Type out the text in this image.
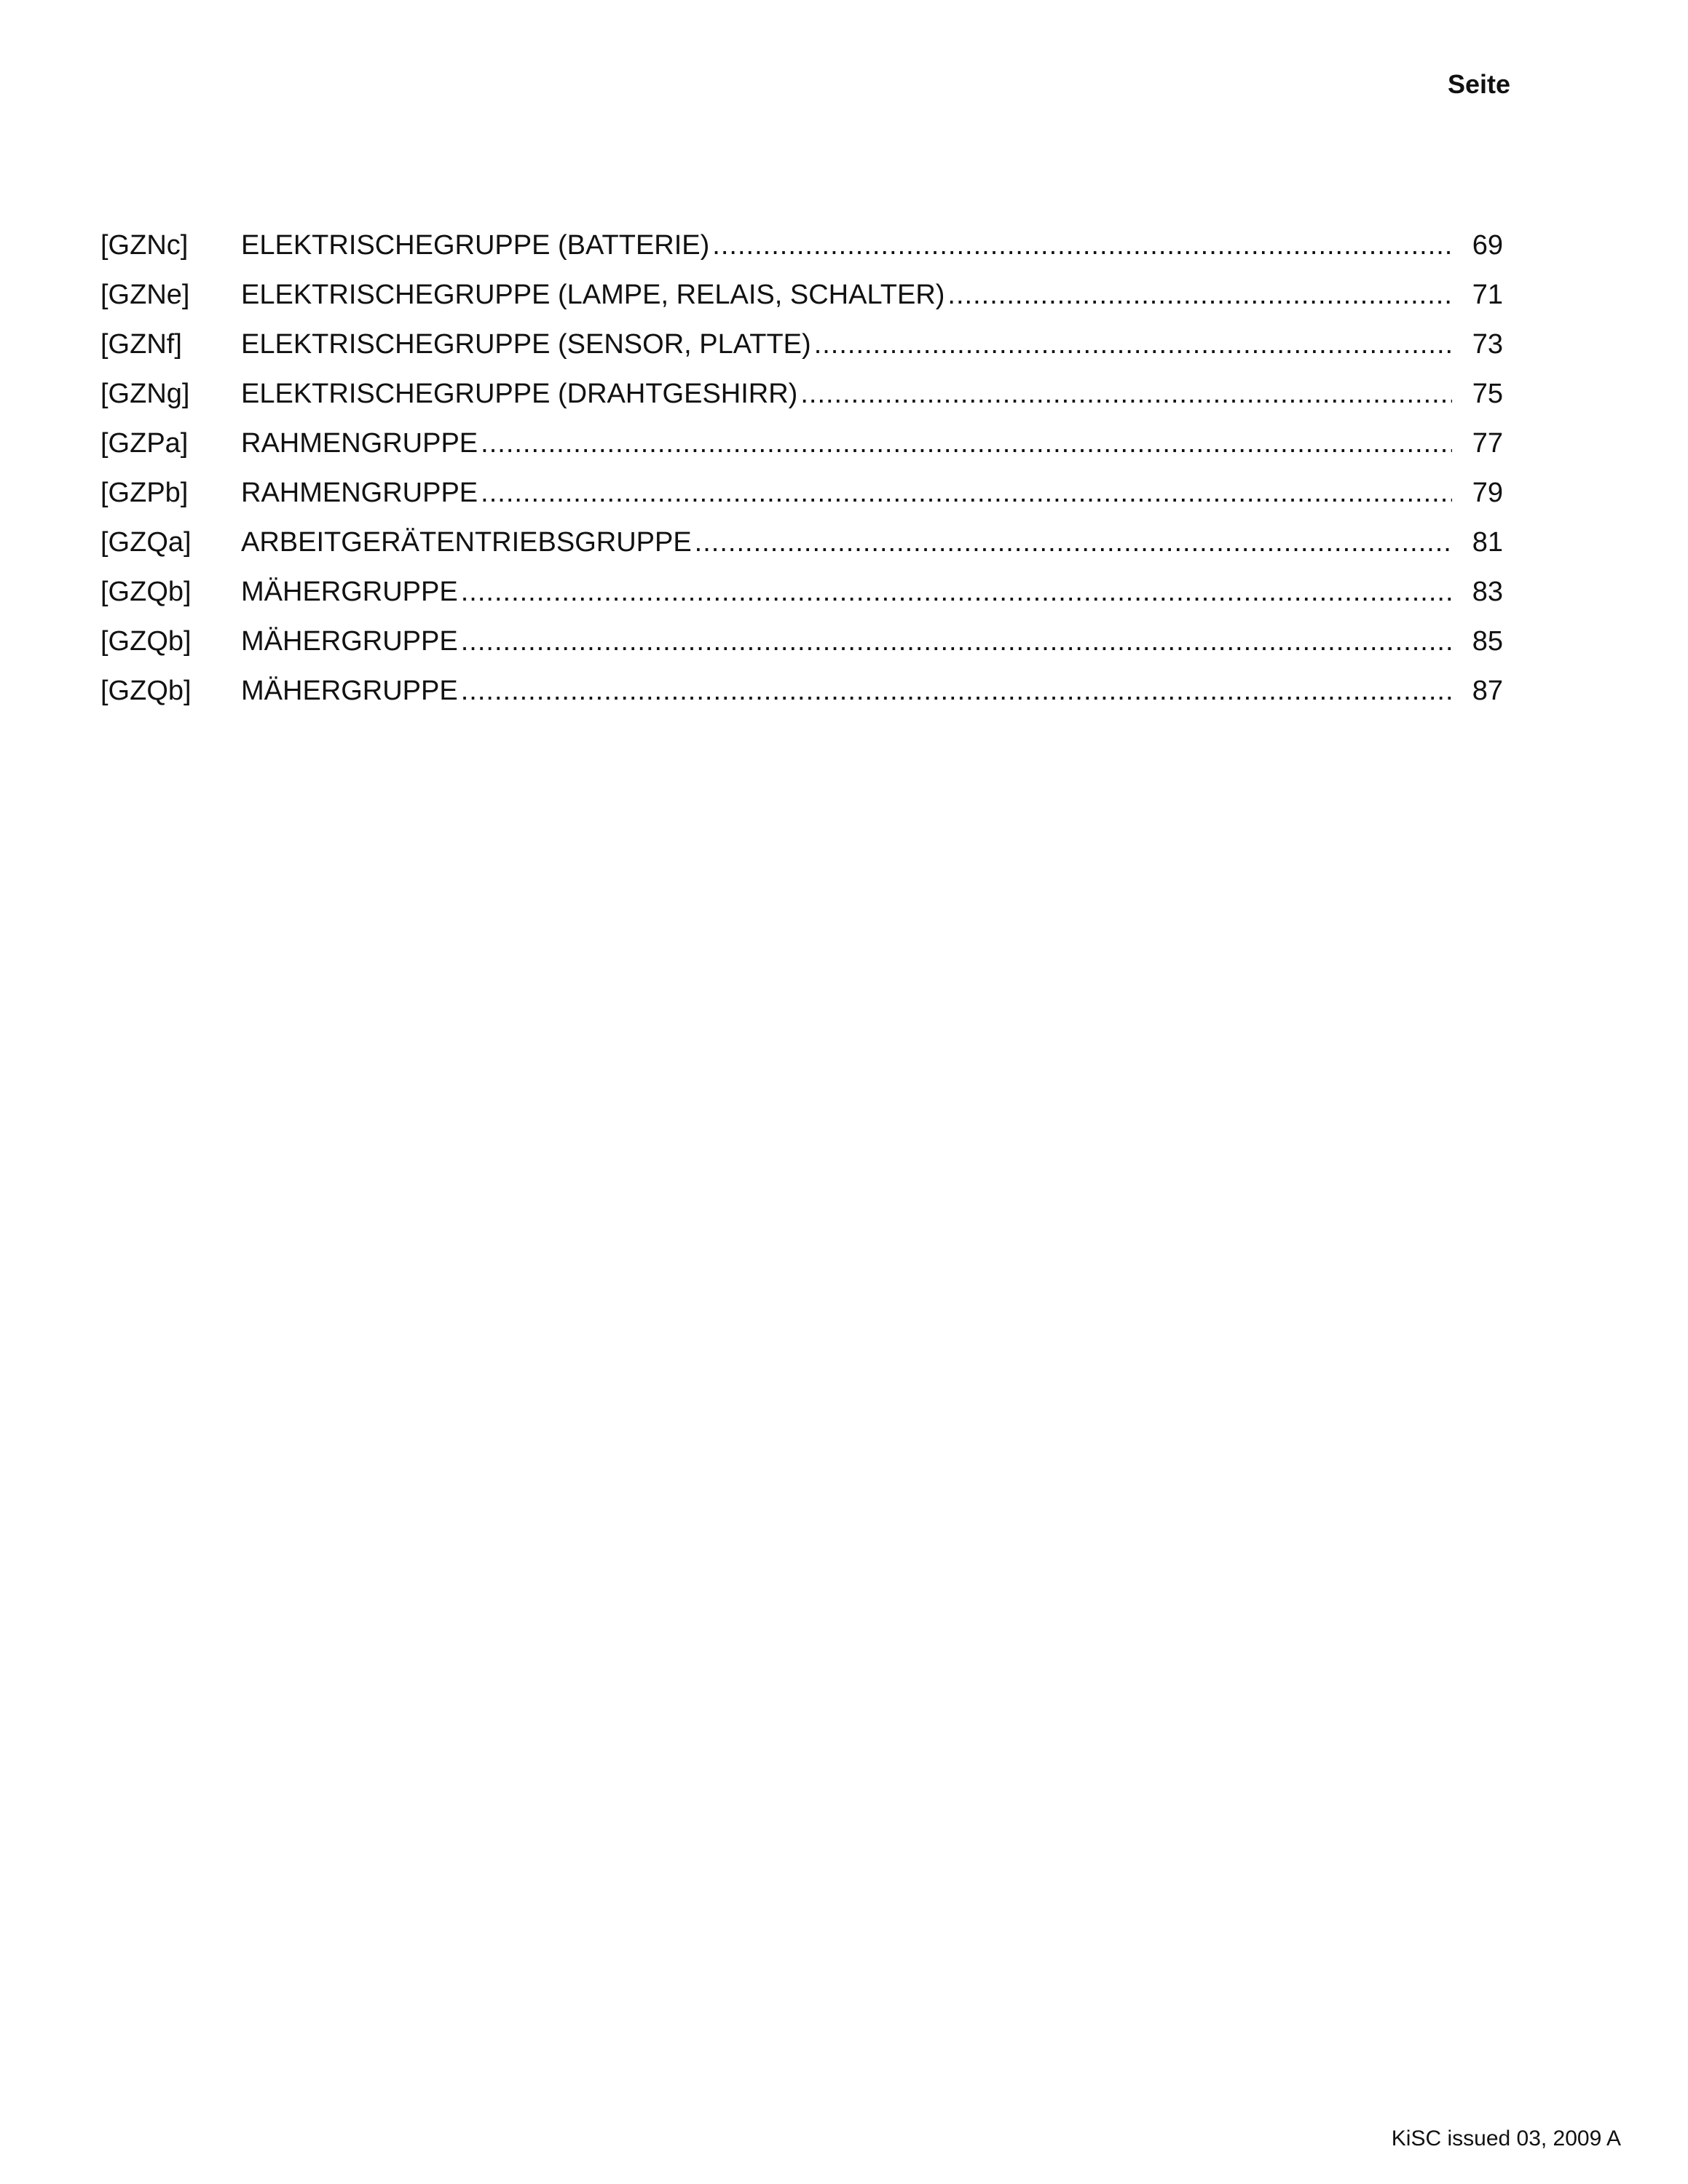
Seite
[GZNc]	ELEKTRISCHEGRUPPE (BATTERIE) .....	69
[GZNe]	ELEKTRISCHEGRUPPE (LAMPE, RELAIS, SCHALTER) .....	71
[GZNf]	ELEKTRISCHEGRUPPE (SENSOR, PLATTE) .....	73
[GZNg]	ELEKTRISCHEGRUPPE (DRAHTGESHIRR) .....	75
[GZPa]	RAHMENGRUPPE .....	77
[GZPb]	RAHMENGRUPPE .....	79
[GZQa]	ARBEITGERÄTENTRIEBSGRUPPE .....	81
[GZQb]	MÄHERGRUPPE .....	83
[GZQb]	MÄHERGRUPPE .....	85
[GZQb]	MÄHERGRUPPE .....	87
KiSC issued 03, 2009 A
